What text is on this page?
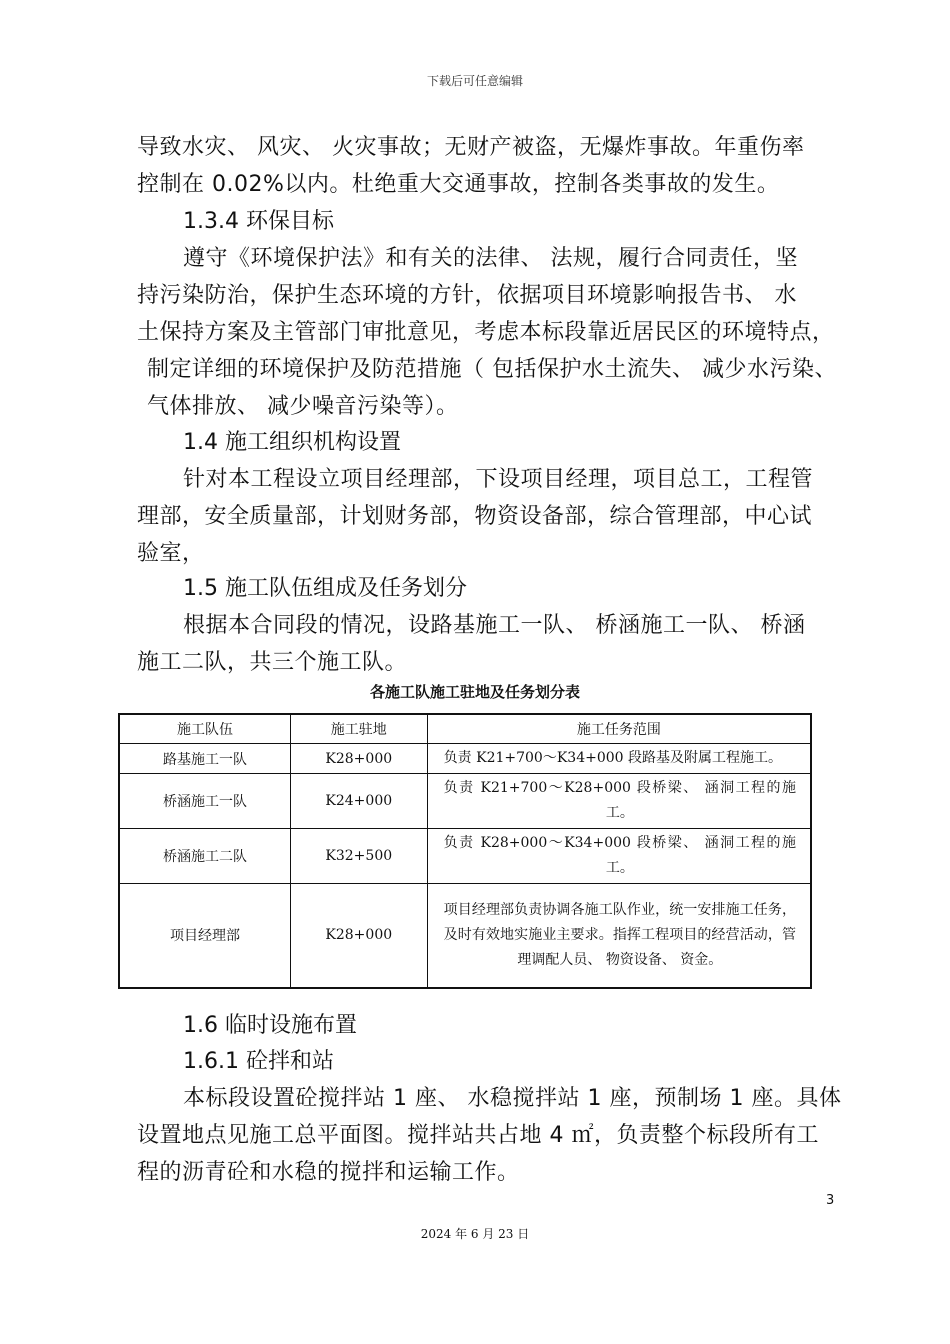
下载后可任意编辑
导致水灾、 风灾、 火灾事故；无财产被盗，无爆炸事故。年重伤率
控制在 0.02%以内。杜绝重大交通事故，控制各类事故的发生。
1.3.4 环保目标
遵守《环境保护法》和有关的法律、 法规，履行合同责任，坚
持污染防治，保护生态环境的方针，依据项目环境影响报告书、 水
土保持方案及主管部门审批意见，考虑本标段靠近居民区的环境特点，
制定详细的环境保护及防范措施（ 包括保护水土流失、 减少水污染、
气体排放、 减少噪音污染等）。
1.4 施工组织机构设置
针对本工程设立项目经理部，下设项目经理，项目总工，工程管
理部，安全质量部，计划财务部，物资设备部，综合管理部，中心试
验室，
1.5 施工队伍组成及任务划分
根据本合同段的情况，设路基施工一队、 桥涵施工一队、 桥涵
施工二队，共三个施工队。
各施工队施工驻地及任务划分表
施工队伍	施工驻地	施工任务范围
路基施工一队	K28+000	负责 K21+700～K34+000 段路基及附属工程施工。
桥涵施工一队	K24+000	负责 K21+700～K28+000 段桥梁、 涵洞工程的施工。
桥涵施工二队	K32+500	负责 K28+000～K34+000 段桥梁、 涵洞工程的施工。
项目经理部	K28+000	项目经理部负责协调各施工队作业，统一安排施工任务，及时有效地实施业主要求。指挥工程项目的经营活动，管理调配人员、 物资设备、 资金。
1.6 临时设施布置
1.6.1 砼拌和站
本标段设置砼搅拌站 1 座、 水稳搅拌站 1 座，预制场 1 座。具体
设置地点见施工总平面图。搅拌站共占地 4 ㎡，负责整个标段所有工
程的沥青砼和水稳的搅拌和运输工作。
3
2024 年 6 月 23 日
